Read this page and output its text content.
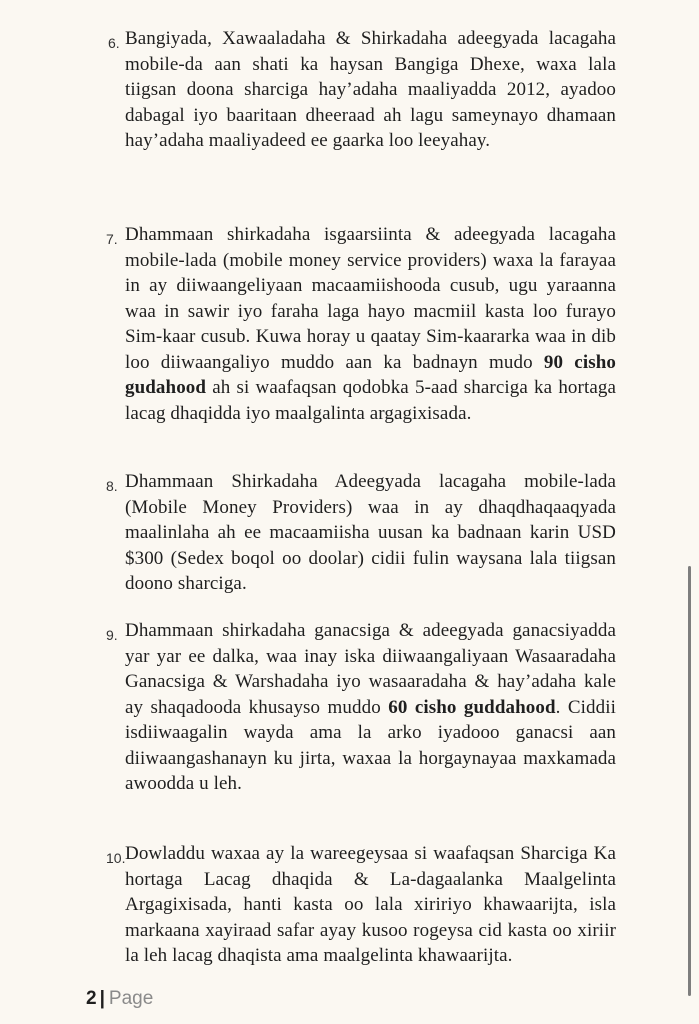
6. Bangiyada, Xawaaladaha & Shirkadaha adeegyada lacagaha mobile-da aan shati ka haysan Bangiga Dhexe, waxa lala tiigsan doona sharciga hay’adaha maaliyadda 2012, ayadoo dabagal iyo baaritaan dheeraad ah lagu sameynayo dhamaan hay’adaha maaliyadeed ee gaarka loo leeyahay.
7. Dhammaan shirkadaha isgaarsiinta & adeegyada lacagaha mobile-lada (mobile money service providers) waxa la farayaa in ay diiwaangeliyaan macaamiishooda cusub, ugu yaraanna waa in sawir iyo faraha laga hayo macmiil kasta loo furayo Sim-kaar cusub. Kuwa horay u qaatay Sim-kaararka waa in dib loo diiwaangaliyo muddo aan ka badnayn mudo 90 cisho gudahood ah si waafaqsan qodobka 5-aad sharciga ka hortaga lacag dhaqidda iyo maalgalinta argagixisada.
8. Dhammaan Shirkadaha Adeegyada lacagaha mobile-lada (Mobile Money Providers) waa in ay dhaqdhaqaaqyada maalinlaha ah ee macaamiisha uusan ka badnaan karin USD $300 (Sedex boqol oo doolar) cidii fulin waysana lala tiigsan doono sharciga.
9. Dhammaan shirkadaha ganacsiga & adeegyada ganacsiyadda yar yar ee dalka, waa inay iska diiwaangaliyaan Wasaaradaha Ganacsiga & Warshadaha iyo wasaaradaha & hay’adaha kale ay shaqadooda khusayso muddo 60 cisho guddahood. Ciddii isdiiwaagalin wayda ama la arko iyadooo ganacsi aan diiwaangashanayn ku jirta, waxaa la horgaynayaa maxkamada awoodda u leh.
10. Dowladdu waxaa ay la wareegeysaa si waafaqsan Sharciga Ka hortaga Lacag dhaqida & La-dagaalanka Maalgelinta Argagixisada, hanti kasta oo lala xiririyo khawaarijta, isla markaana xayiraad safar ayay kusoo rogeysa cid kasta oo xiriir la leh lacag dhaqista ama maalgelinta khawaarijta.
2 | Page
